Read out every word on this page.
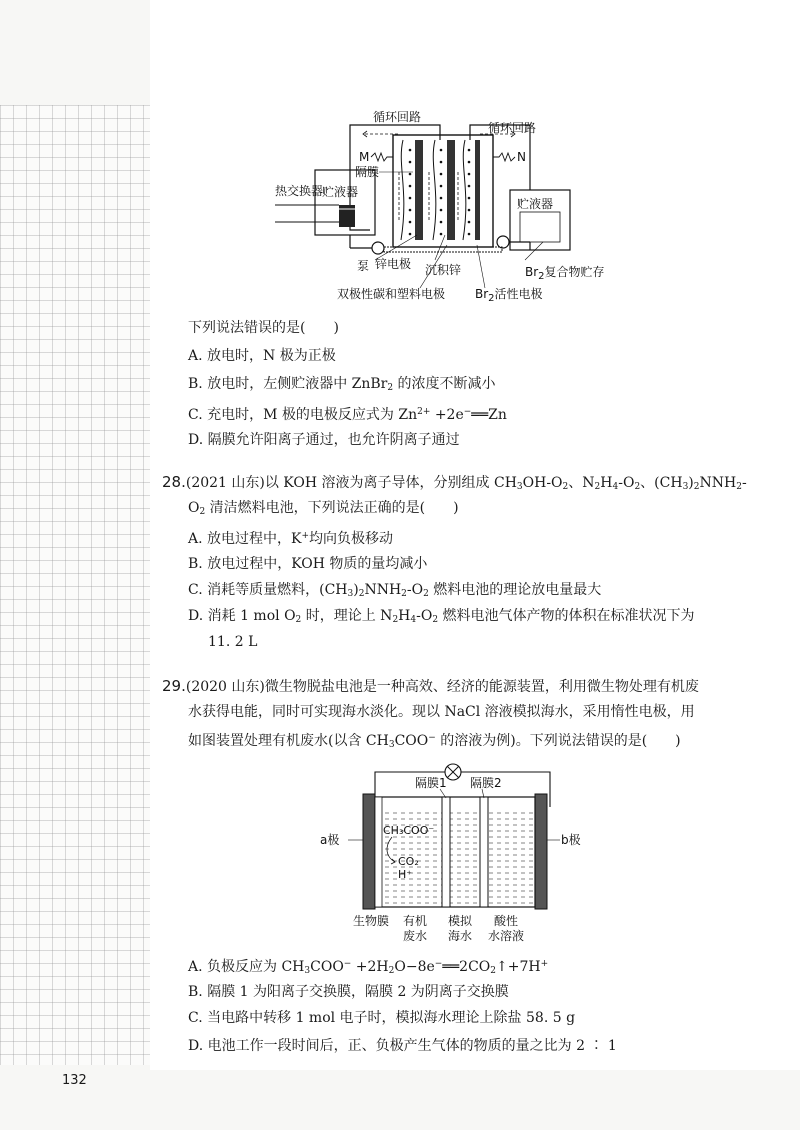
循环回路
循环回路
M	N
隔膜
热交换器
贮液器
贮液器
泵 锌电极 沉积锌
双极性碳和塑料电极
$Br_2$复合物贮存
$Br_2$活性电极
下列说法错误的是(　　)
A. 放电时，N 极为正极
B. 放电时，左侧贮液器中 ZnBr$_2$ 的浓度不断减小
C. 充电时，M 极的电极反应式为 $Zn^{2+}$ +2e−══Zn
D. 隔膜允许阳离子通过，也允许阴离子通过
28.(2021 山东)以 KOH 溶液为离子导体，分别组成 $CH_3OH-O_2$、$N_2H_4-O_2$、$(CH_3)_2NNH_2-$
$O_2$ 清洁燃料电池，下列说法正确的是(　　)
A. 放电过程中，K+均向负极移动
B. 放电过程中，KOH 物质的量均减小
C. 消耗等质量燃料，$(CH_3)_2NNH_2-O_2$ 燃料电池的理论放电量最大
D. 消耗 1 mol $O_2$ 时，理论上 $N_2H_4-O_2$ 燃料电池气体产物的体积在标准状况下为
11. 2 L
29.(2020 山东)微生物脱盐电池是一种高效、经济的能源装置，利用微生物处理有机废
水获得电能，同时可实现海水淡化。现以 NaCl 溶液模拟海水，采用惰性电极，用
如图装置处理有机废水(以含 $CH_3COO^-$ 的溶液为例)。下列说法错误的是(　　)
隔膜1 隔膜2
a极	b极
CH₃COO⁻
CO₂
H⁺
生物膜 有机
废水
模拟
海水
酸性
水溶液
A. 负极反应为 $CH_3COO^-$ $+2H_2O-8e^-══2CO_2↑+7H^+$
B. 隔膜 1 为阳离子交换膜，隔膜 2 为阴离子交换膜
C. 当电路中转移 1 mol 电子时，模拟海水理论上除盐 58. 5 g
D. 电池工作一段时间后，正、负极产生气体的物质的量之比为 2 ∶ 1
132
